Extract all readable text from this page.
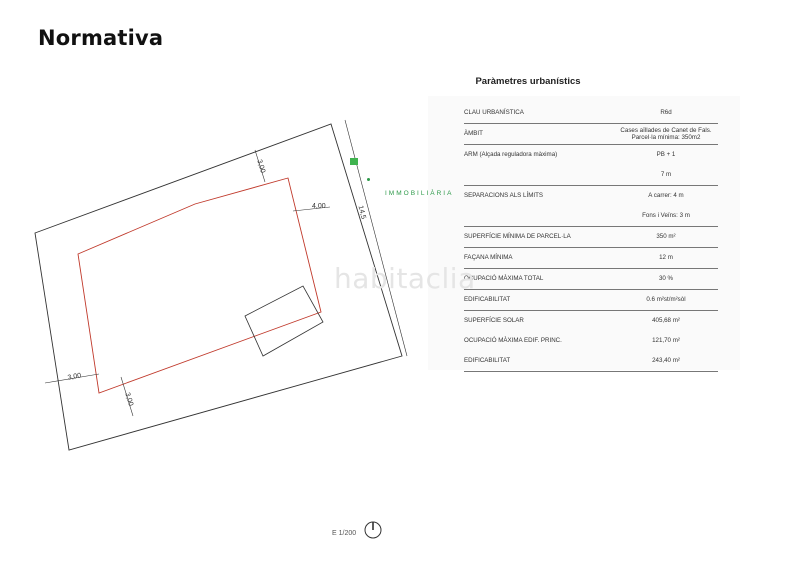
Normativa
3,00
4,00	14,5
3,00
3,00
Paràmetres urbanístics
CLAU URBANÍSTICA	R6d
ÀMBIT	Cases aïllades de Canet de Fals. Parcel·la mínima: 350m2
ARM (Alçada reguladora màxima)	PB + 1
	7 m
SEPARACIONS ALS LÍMITS	A carrer: 4 m
	Fons i Veïns: 3 m
SUPERFÍCIE MÍNIMA DE PARCEL·LA	350 m²
FAÇANA MÍNIMA	12 m
OCUPACIÓ MÀXIMA TOTAL	30 %
EDIFICABILITAT	0.6 m²st/m²sòl
SUPERFÍCIE SOLAR	405,68 m²
OCUPACIÓ MÀXIMA EDIF. PRINC.	121,70 m²
EDIFICABILITAT	243,40 m²
IMMOBILIÀRIA
habitaclia
E 1/200
